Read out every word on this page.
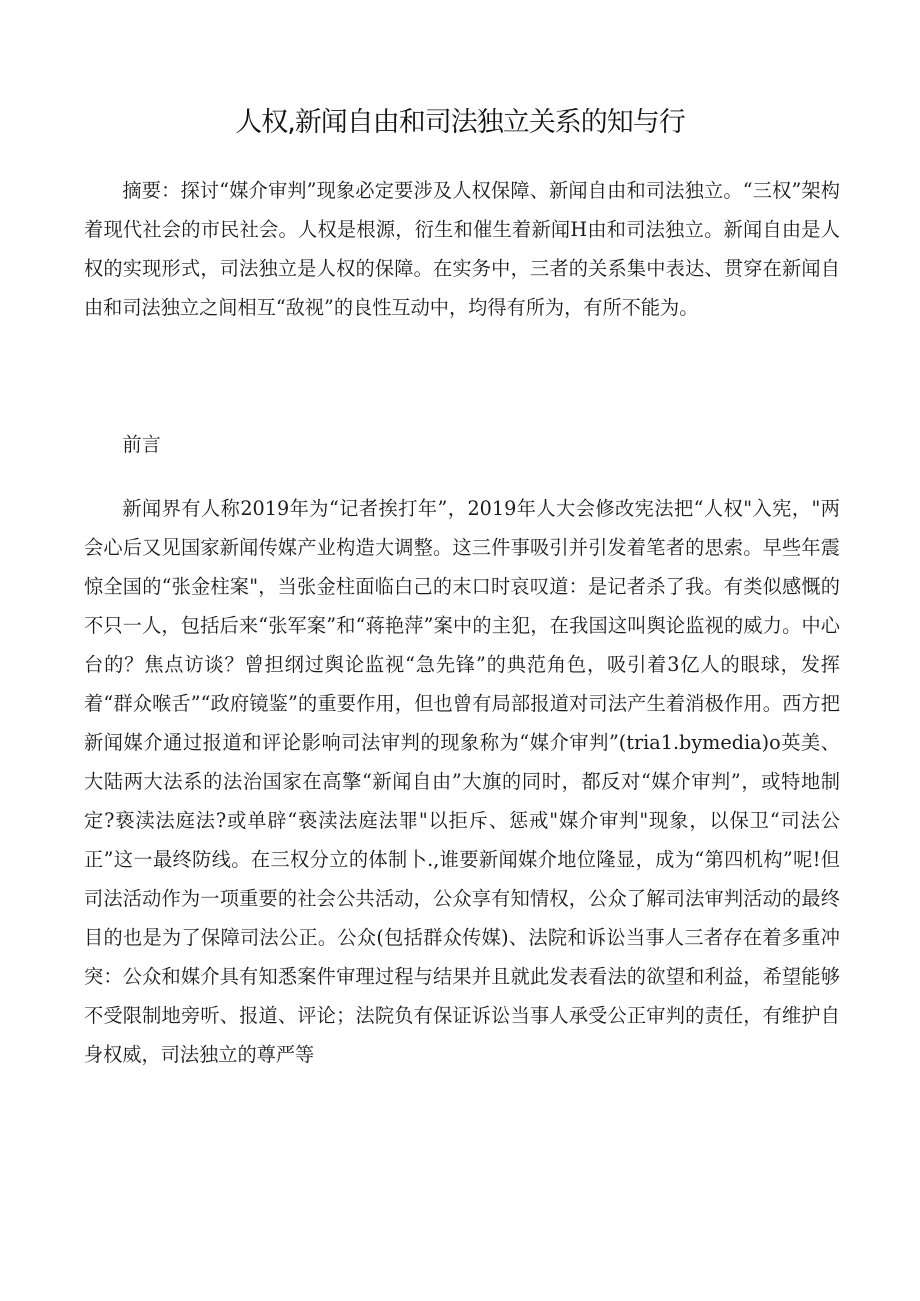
人权,新闻自由和司法独立关系的知与行

摘要：探讨“媒介审判”现象必定要涉及人权保障、新闻自由和司法独立。“三权”架构着现代社会的市民社会。人权是根源，衍生和催生着新闻H由和司法独立。新闻自由是人权的实现形式，司法独立是人权的保障。在实务中，三者的关系集中表达、贯穿在新闻自由和司法独立之间相互“敌视”的良性互动中，均得有所为，有所不能为。

前言

新闻界有人称2019年为“记者挨打年”，2019年人大会修改宪法把“人权"入宪，"两会心后又见国家新闻传媒产业构造大调整。这三件事吸引并引发着笔者的思索。早些年震惊全国的“张金柱案"，当张金柱面临白己的末口时哀叹道：是记者杀了我。有类似感慨的不只一人，包括后来“张军案”和“蒋艳萍”案中的主犯，在我国这叫舆论监视的威力。中心台的？焦点访谈？曾担纲过舆论监视“急先锋”的典范角色，吸引着3亿人的眼球，发挥着“群众喉舌”“政府镜鉴”的重要作用，但也曾有局部报道对司法产生着消极作用。西方把新闻媒介通过报道和评论影响司法审判的现象称为“媒介审判”(tria1.bymedia)o英美、大陆两大法系的法治国家在高擎“新闻自由”大旗的同时，都反对“媒介审判”，或特地制定?亵渎法庭法?或单辟“亵渎法庭法罪"以拒斥、惩戒"媒介审判"现象，以保卫“司法公正”这一最终防线。在三权分立的体制卜.,谁要新闻媒介地位隆显，成为“第四机构”呢!但司法活动作为一项重要的社会公共活动，公众享有知情权，公众了解司法审判活动的最终目的也是为了保障司法公正。公众(包括群众传媒)、法院和诉讼当事人三者存在着多重冲突：公众和媒介具有知悉案件审理过程与结果并且就此发表看法的欲望和利益，希望能够不受限制地旁听、报道、评论；法院负有保证诉讼当事人承受公正审判的责任，有维护自身权威，司法独立的尊严等
